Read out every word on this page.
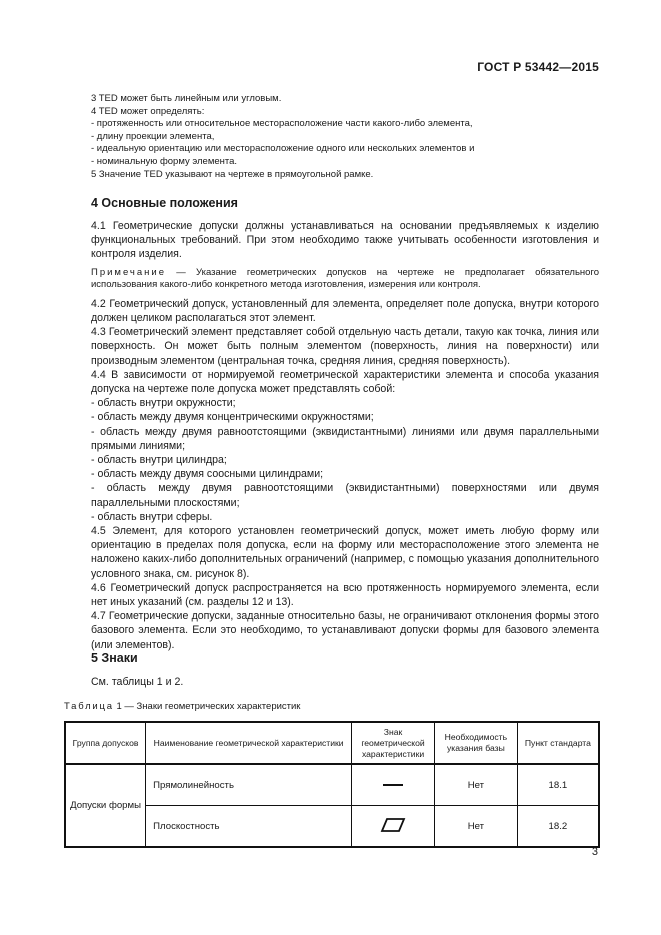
ГОСТ Р 53442—2015
3 TED может быть линейным или угловым.
4 TED может определять:
- протяженность или относительное месторасположение части какого-либо элемента,
- длину проекции элемента,
- идеальную ориентацию или месторасположение одного или нескольких элементов и
- номинальную форму элемента.
5 Значение TED указывают на чертеже в прямоугольной рамке.
4 Основные положения

4.1 Геометрические допуски должны устанавливаться на основании предъявляемых к изделию функциональных требований. При этом необходимо также учитывать особенности изготовления и контроля изделия.

Примечание — Указание геометрических допусков на чертеже не предполагает обязательного использования какого-либо конкретного метода изготовления, измерения или контроля.

4.2 Геометрический допуск, установленный для элемента, определяет поле допуска, внутри которого должен целиком располагаться этот элемент.

4.3 Геометрический элемент представляет собой отдельную часть детали, такую как точка, линия или поверхность. Он может быть полным элементом (поверхность, линия на поверхности) или производным элементом (центральная точка, средняя линия, средняя поверхность).

4.4 В зависимости от нормируемой геометрической характеристики элемента и способа указания допуска на чертеже поле допуска может представлять собой:

- область внутри окружности;

- область между двумя концентрическими окружностями;

- область между двумя равноотстоящими (эквидистантными) линиями или двумя параллельными прямыми линиями;

- область внутри цилиндра;

- область между двумя соосными цилиндрами;

- область между двумя равноотстоящими (эквидистантными) поверхностями или двумя параллельными плоскостями;

- область внутри сферы.

4.5 Элемент, для которого установлен геометрический допуск, может иметь любую форму или ориентацию в пределах поля допуска, если на форму или месторасположение этого элемента не наложено каких-либо дополнительных ограничений (например, с помощью указания дополнительного условного знака, см. рисунок 8).

4.6 Геометрический допуск распространяется на всю протяженность нормируемого элемента, если нет иных указаний (см. разделы 12 и 13).

4.7 Геометрические допуски, заданные относительно базы, не ограничивают отклонения формы этого базового элемента. Если это необходимо, то устанавливают допуски формы для базового элемента (или элементов).

5 Знаки
См. таблицы 1 и 2.
Таблица 1 — Знаки геометрических характеристик
Группа допусков	Наименование геометрической характеристики	Знак геометрической характеристики	Необходимость указания базы	Пункт стандарта
Допуски формы	Прямолинейность		Нет	18.1
	Плоскостность		Нет	18.2
3
